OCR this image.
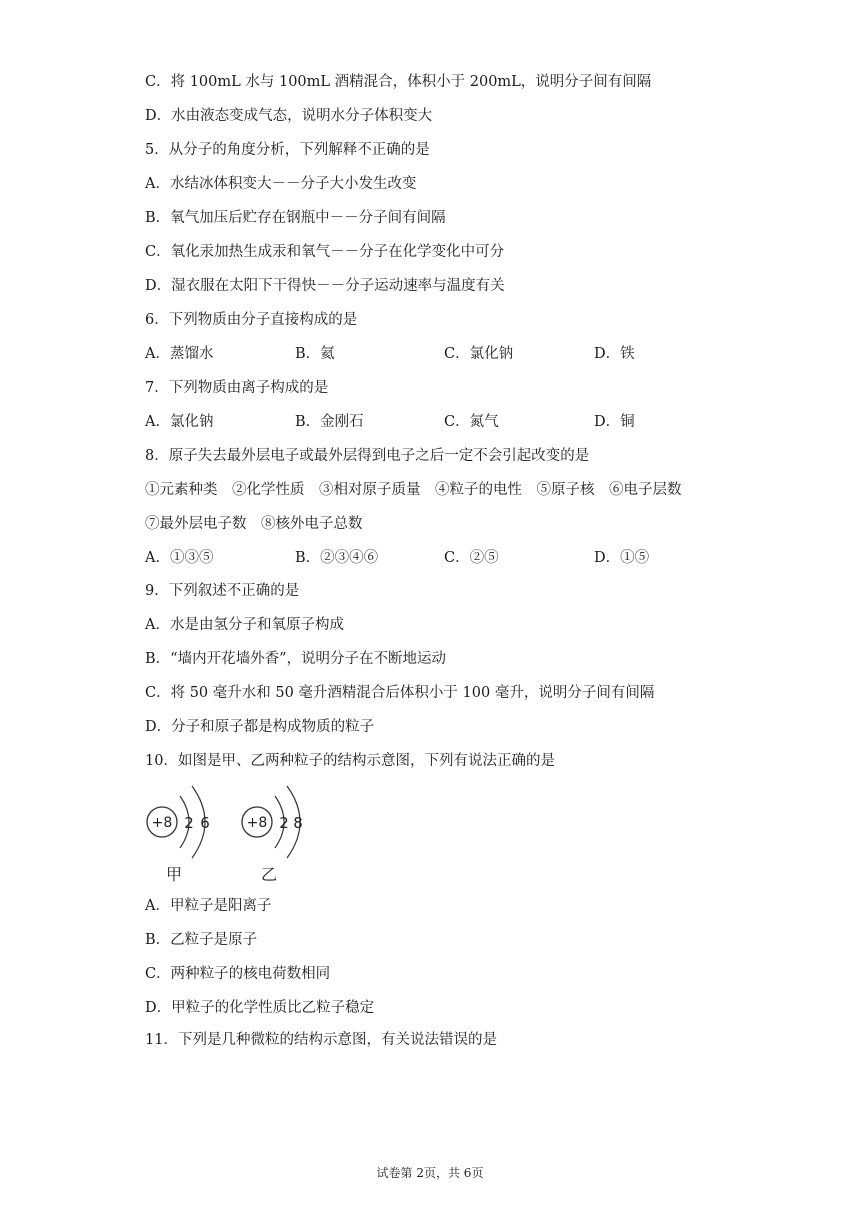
C．将 100mL 水与 100mL 酒精混合，体积小于 200mL，说明分子间有间隔
D．水由液态变成气态，说明水分子体积变大
5．从分子的角度分析，下列解释不正确的是
A．水结冰体积变大－－分子大小发生改变
B．氧气加压后贮存在钢瓶中－－分子间有间隔
C．氧化汞加热生成汞和氧气－－分子在化学变化中可分
D．湿衣服在太阳下干得快－－分子运动速率与温度有关
6．下列物质由分子直接构成的是
A．蒸馏水	B．氦	C．氯化钠	D．铁
7．下列物质由离子构成的是
A．氯化钠	B．金刚石	C．氮气	D．铜
8．原子失去最外层电子或最外层得到电子之后一定不会引起改变的是
①元素种类　②化学性质　③相对原子质量　④粒子的电性　⑤原子核　⑥电子层数
⑦最外层电子数　⑧核外电子总数
A．①③⑤	B．②③④⑥	C．②⑤	D．①⑤
9．下列叙述不正确的是
A．水是由氢分子和氧原子构成
B．“墙内开花墙外香”，说明分子在不断地运动
C．将 50 毫升水和 50 毫升酒精混合后体积小于 100 毫升，说明分子间有间隔
D．分子和原子都是构成物质的粒子
10．如图是甲、乙两种粒子的结构示意图，下列有说法正确的是
+8 2 6
甲
+8 2 8
乙
A．甲粒子是阳离子
B．乙粒子是原子
C．两种粒子的核电荷数相同
D．甲粒子的化学性质比乙粒子稳定
11．下列是几种微粒的结构示意图，有关说法错误的是
试卷第 2页，共 6页
